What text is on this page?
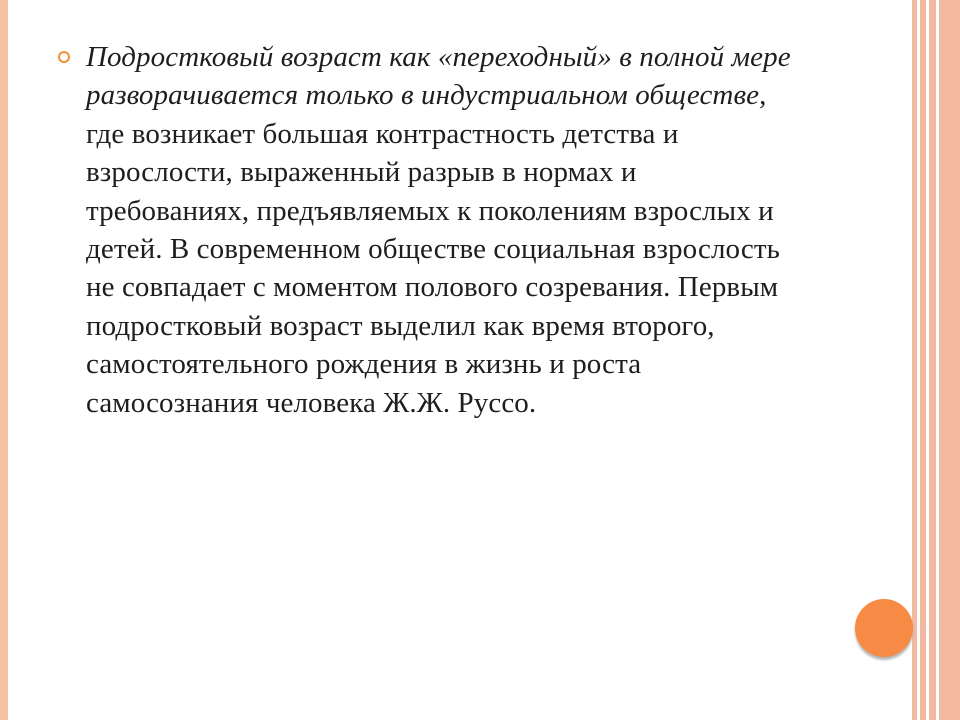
Подростковый возраст как «переходный» в полной мере разворачивается только в индустриальном обществе, где возникает большая контрастность детства и взрослости, выраженный разрыв в нормах и требованиях, предъявляемых к поколениям взрослых и детей. В современном обществе социальная взрослость не совпадает с моментом полового созревания. Первым подростковый возраст выделил как время второго, самостоятельного рождения в жизнь и роста самосознания человека Ж.Ж. Руссо.
